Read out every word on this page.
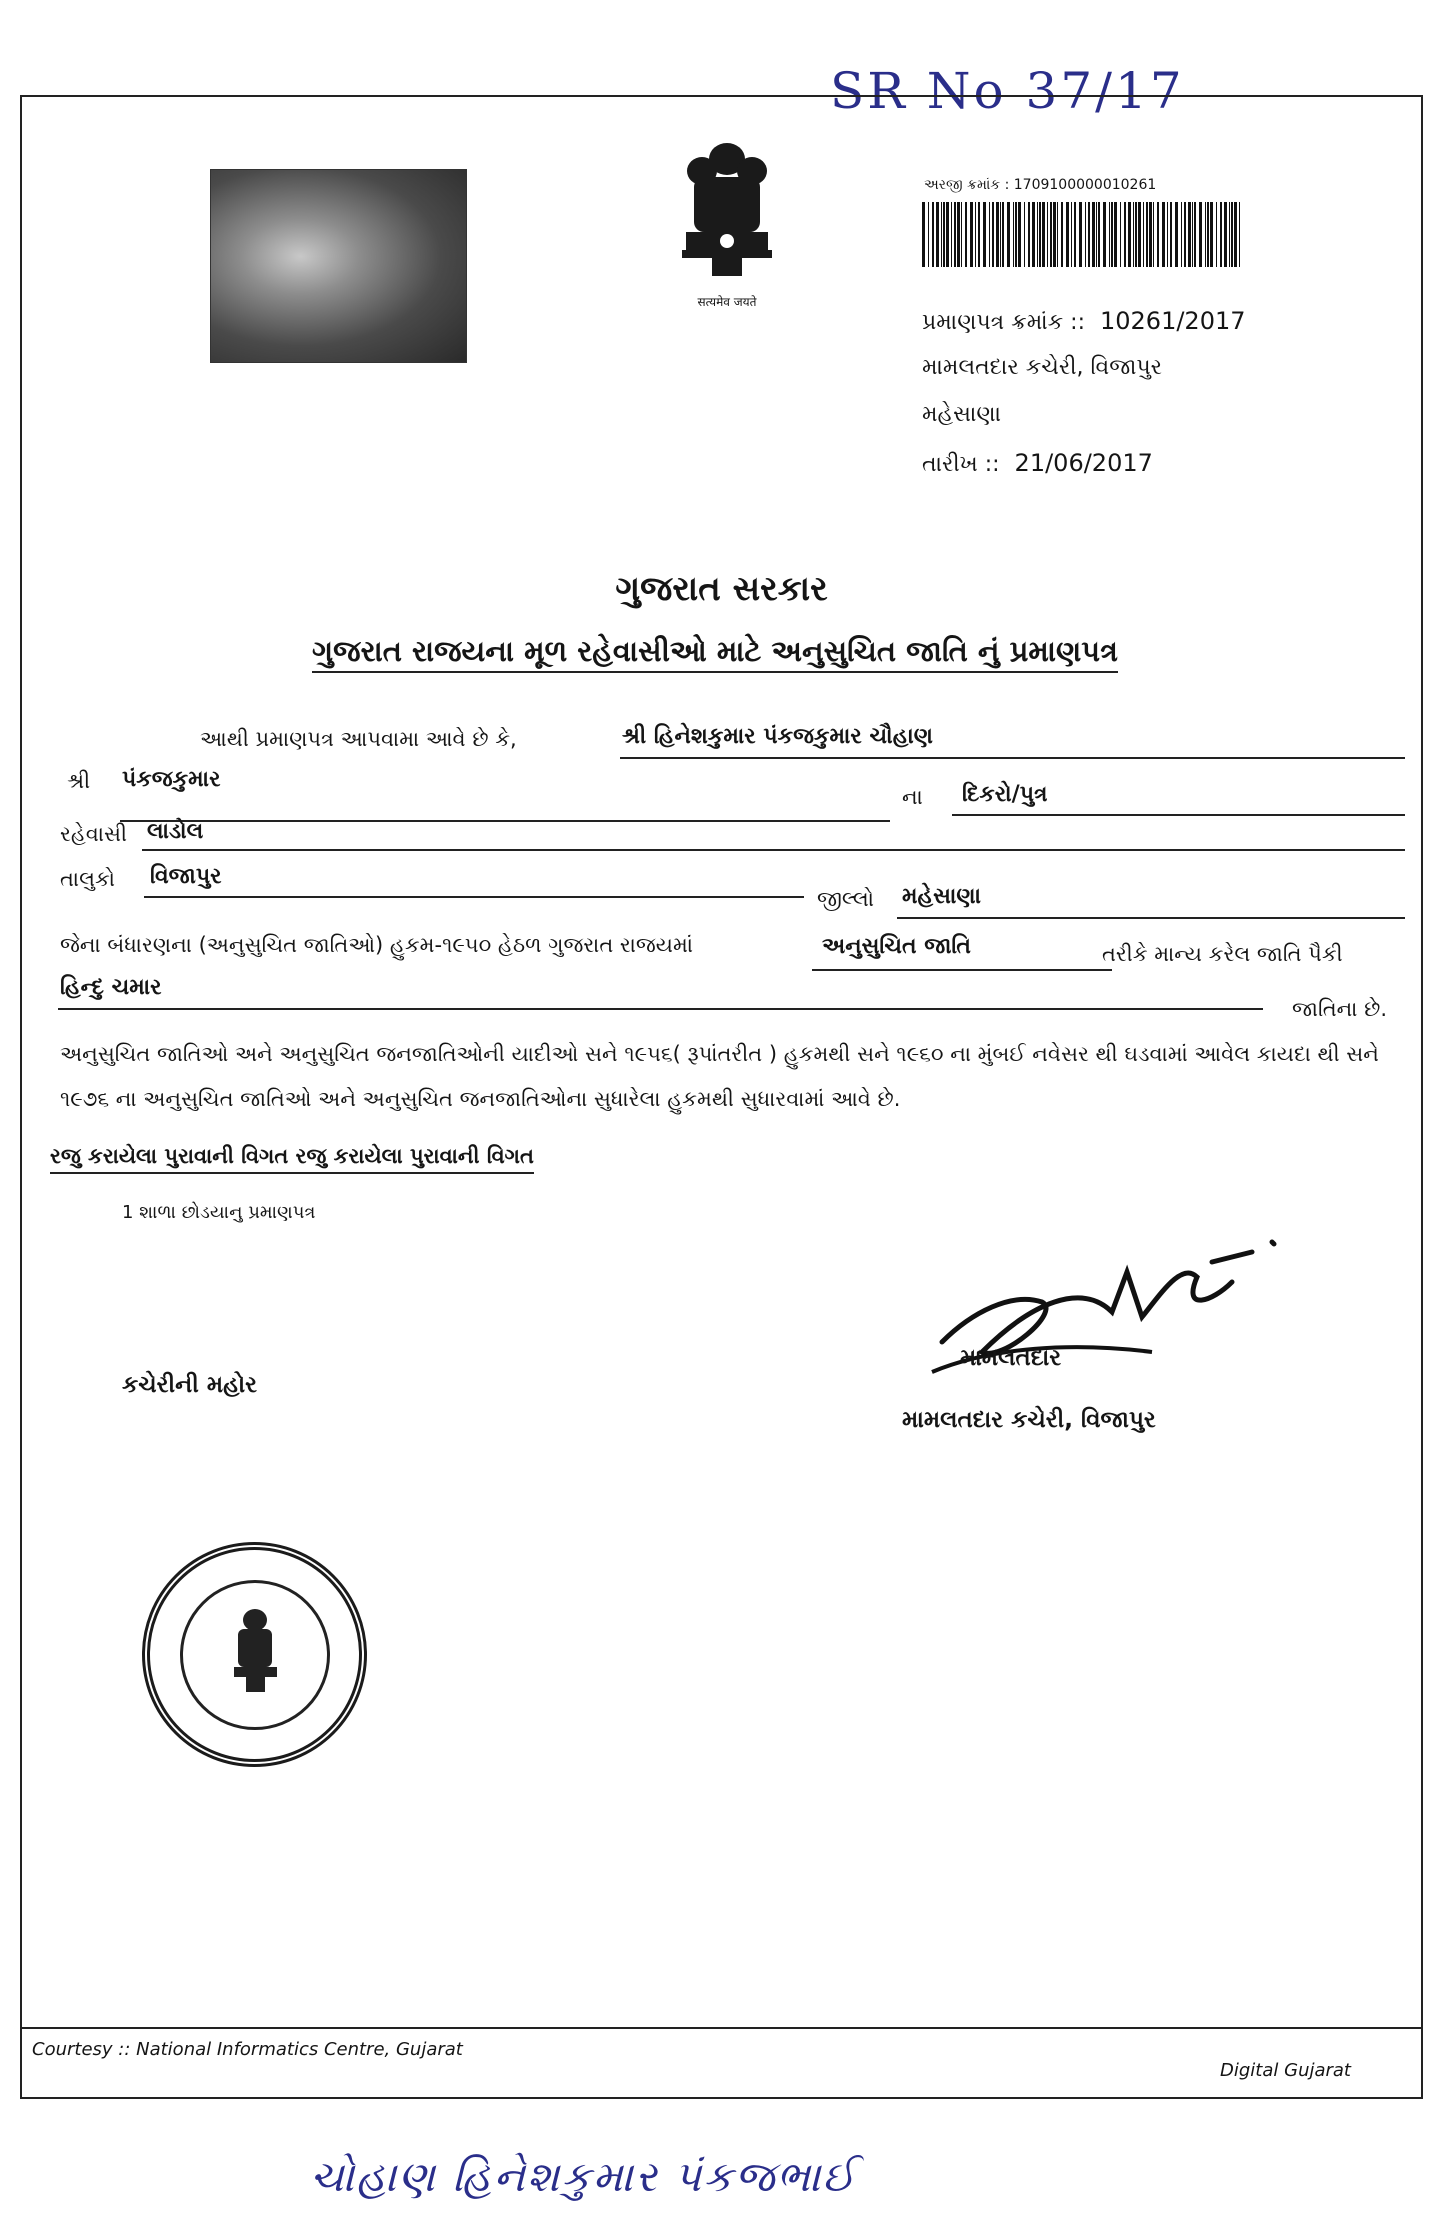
SR No 37/17
सत्यमेव जयते
અરજી ક્રમાંક : 1709100000010261
પ્રમાણપત્ર ક્રમાંક :: 10261/2017
મામલતદાર કચેરી, વિજાપુર
મહેસાણા
તારીખ :: 21/06/2017
ગુજરાત સરકાર
ગુજરાત રાજયના મૂળ રહેવાસીઓ માટે અનુસુચિત જાતિ નું પ્રમાણપત્ર
આથી પ્રમાણપત્ર આપવામા આવે છે કે,	શ્રી હિનેશકુમાર પંકજકુમાર ચૌહાણ
શ્રી પંકજકુમાર
ના દિકરો/પુત્ર
રહેવાસી લાડોલ
તાલુકો વિજાપુર
જીલ્લો મહેસાણા
જેના બંધારણના (અનુસુચિત જાતિઓ) હુકમ-૧૯૫૦ હેઠળ ગુજરાત રાજયમાં	અનુસુચિત જાતિ	તરીકે માન્ય કરેલ જાતિ પૈકી
હિન્દુ ચમાર
જાતિના છે.
અનુસુચિત જાતિઓ અને અનુસુચિત જનજાતિઓની યાદીઓ સને ૧૯૫૬( રૂપાંતરીત ) હુકમથી સને ૧૯૬૦ ના મુંબઈ નવેસર થી ઘડવામાં આવેલ કાયદા થી સને ૧૯૭૬ ના અનુસુચિત જાતિઓ અને અનુસુચિત જનજાતિઓના સુધારેલા હુકમથી સુધારવામાં આવે છે.
રજુ કરાયેલા પુરાવાની વિગત રજુ કરાયેલા પુરાવાની વિગત
1 શાળા છોડયાનુ પ્રમાણપત્ર
કચેરીની મહોર
મામલતદાર
મામલતદાર કચેરી, વિજાપુર
Courtesy :: National Informatics Centre, Gujarat
Digital Gujarat
ચોહાણ હિનેશકુમાર પંકજભાઈ
